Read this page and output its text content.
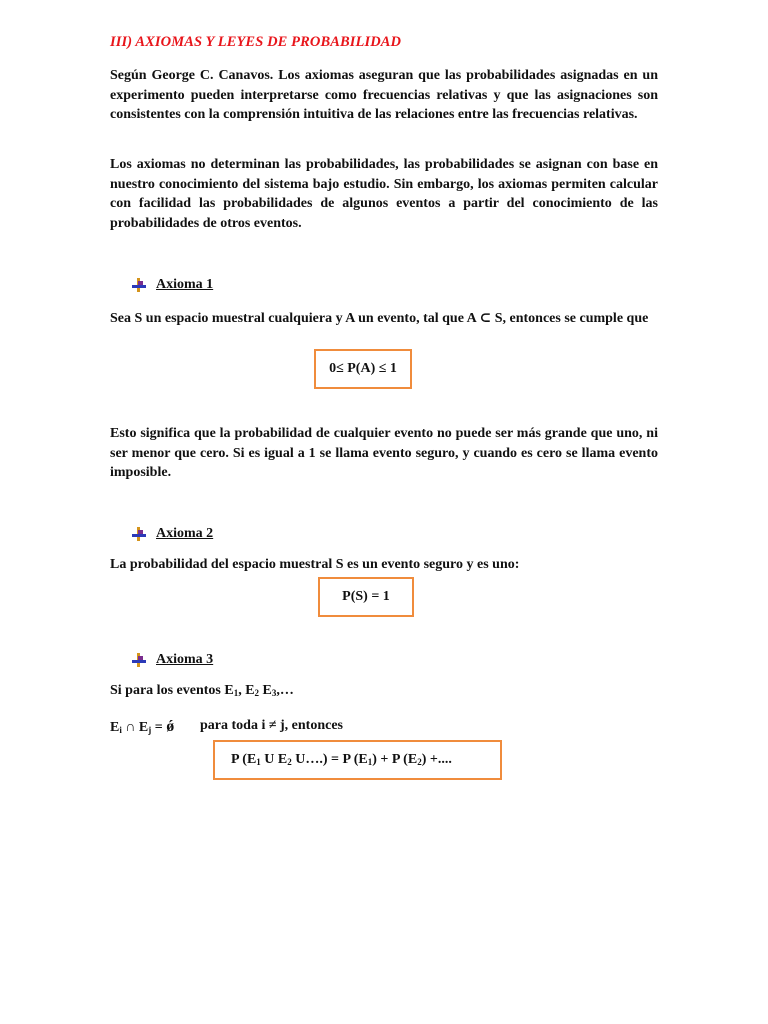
III) AXIOMAS Y LEYES DE PROBABILIDAD

Según George C. Canavos. Los axiomas aseguran que las probabilidades asignadas en un experimento pueden interpretarse como frecuencias relativas y que las asignaciones son consistentes con la comprensión intuitiva de las relaciones entre las frecuencias relativas.

Los axiomas no determinan las probabilidades, las probabilidades se asignan con base en nuestro conocimiento del sistema bajo estudio. Sin embargo, los axiomas permiten calcular con facilidad las probabilidades de algunos eventos a partir del conocimiento de las probabilidades de otros eventos.

Axioma 1

Sea S un espacio muestral cualquiera y A un evento, tal que A ⊂ S, entonces se cumple que

0≤ P(A) ≤ 1

Esto significa que la probabilidad de cualquier evento no puede ser más grande que uno, ni ser menor que cero. Si es igual a 1 se llama evento seguro, y cuando es cero se llama evento imposible.

Axioma 2
La probabilidad del espacio muestral S es un evento seguro y es uno:
P(S) = 1
Axioma 3
Si para los eventos $E_1$, $E_2$ $E_3,\dots$
$E_i$ ∩ $E_j$ = ǿ para toda i ≠ j, entonces
P ($E_1$ U $E_2$ U….) = P $(E_1) + P$ $(E_2)$ +....
